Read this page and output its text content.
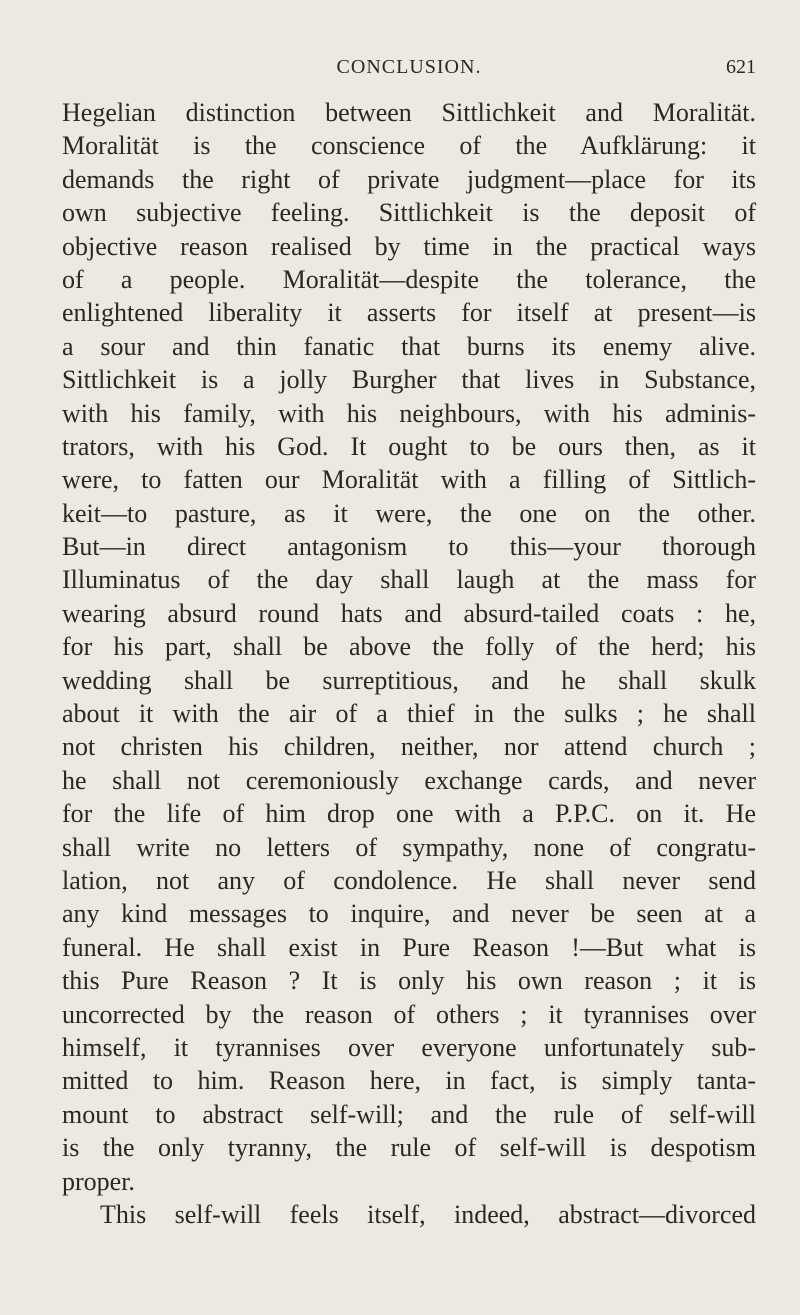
CONCLUSION.	621
Hegelian distinction between Sittlichkeit and Moralität.
Moralität is the conscience of the Aufklärung: it
demands the right of private judgment—place for its
own subjective feeling. Sittlichkeit is the deposit of
objective reason realised by time in the practical ways
of a people. Moralität—despite the tolerance, the
enlightened liberality it asserts for itself at present—is
a sour and thin fanatic that burns its enemy alive.
Sittlichkeit is a jolly Burgher that lives in Substance,
with his family, with his neighbours, with his adminis-
trators, with his God. It ought to be ours then, as it
were, to fatten our Moralität with a filling of Sittlich-
keit—to pasture, as it were, the one on the other.
But—in direct antagonism to this—your thorough
Illuminatus of the day shall laugh at the mass for
wearing absurd round hats and absurd-tailed coats : he,
for his part, shall be above the folly of the herd; his
wedding shall be surreptitious, and he shall skulk
about it with the air of a thief in the sulks ; he shall
not christen his children, neither, nor attend church ;
he shall not ceremoniously exchange cards, and never
for the life of him drop one with a P.P.C. on it. He
shall write no letters of sympathy, none of congratu-
lation, not any of condolence. He shall never send
any kind messages to inquire, and never be seen at a
funeral. He shall exist in Pure Reason !—But what is
this Pure Reason ? It is only his own reason ; it is
uncorrected by the reason of others ; it tyrannises over
himself, it tyrannises over everyone unfortunately sub-
mitted to him. Reason here, in fact, is simply tanta-
mount to abstract self-will; and the rule of self-will
is the only tyranny, the rule of self-will is despotism
proper.
This self-will feels itself, indeed, abstract—divorced
